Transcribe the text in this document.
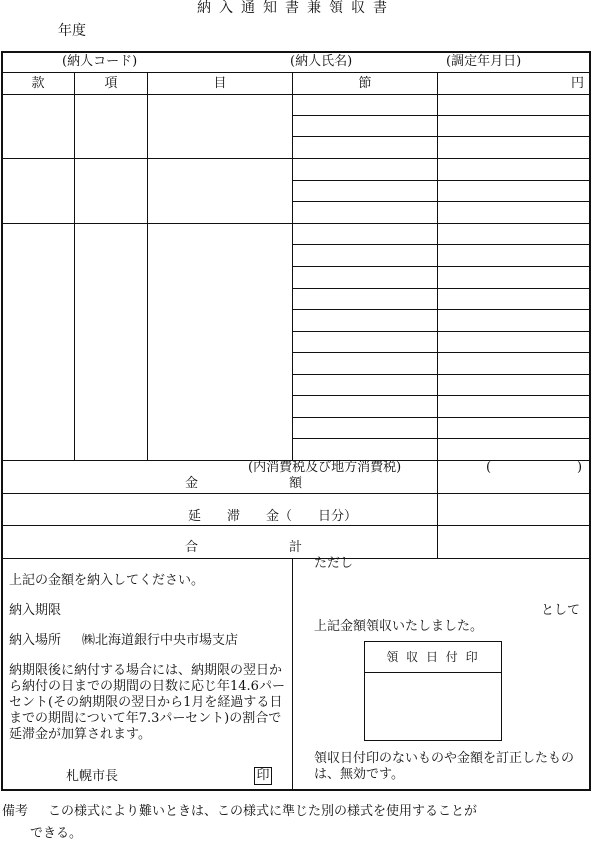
納入通知書兼領収書
年度
(納人コード)	(納人氏名)	(調定年月日)
款	項	目	節	円
(内消費税及び地方消費税)	(	)
金　　　　　　　額
延　　滞　　金（　　日分）
合　　　　　　　計
上記の金額を納入してください。
納入期限
納入場所 ㈱北海道銀行中央市場支店
納期限後に納付する場合には、納期限の翌日から納付の日までの期間の日数に応じ年14.6パーセント(その納期限の翌日から1月を経過する日までの期間について年7.3パーセント)の割合で延滞金が加算されます。
札幌市長	印
ただし
として
上記金額領収いたしました。
領 収 日 付 印
領収日付印のないものや金額を訂正したものは、無効です。
備考 この様式により難いときは、この様式に準じた別の様式を使用することが
できる。
